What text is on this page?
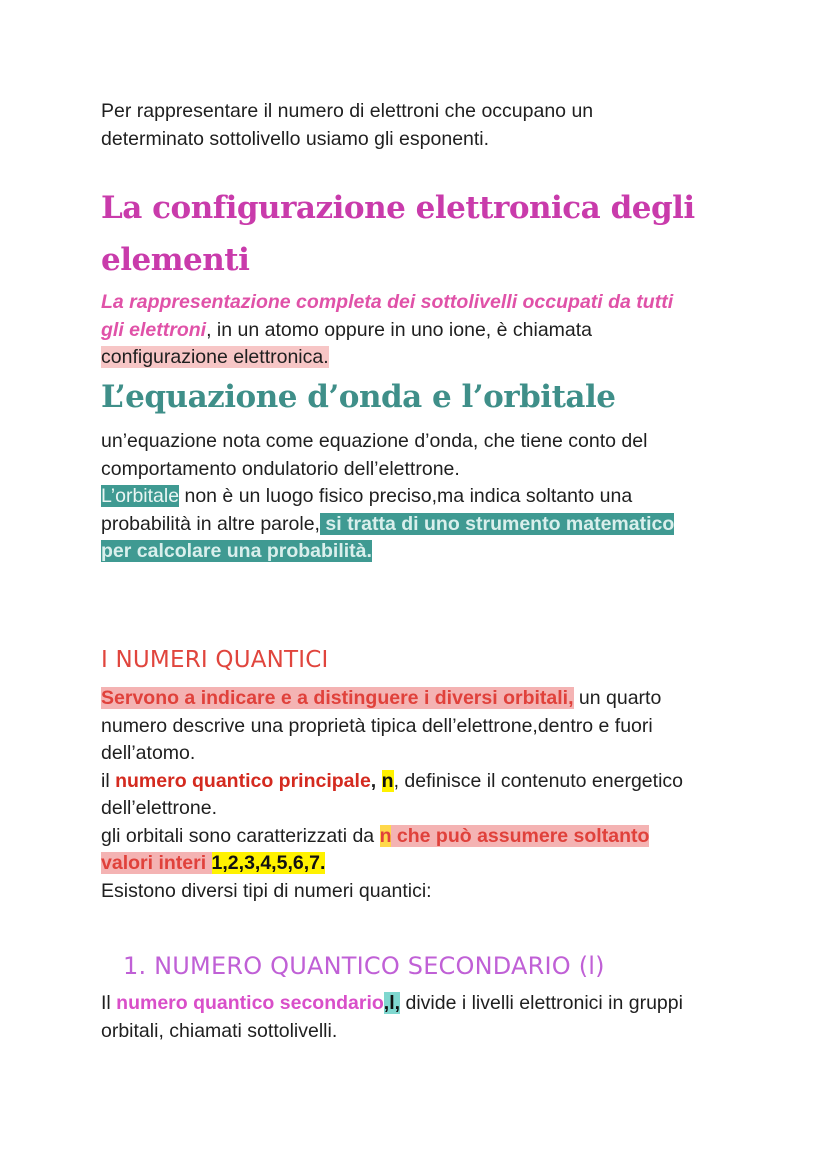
Per rappresentare il numero di elettroni che occupano un

determinato sottolivello usiamo gli esponenti.

La configurazione elettronica degli
elementi

La rappresentazione completa dei sottolivelli occupati da tutti

gli elettroni, in un atomo oppure in uno ione, è chiamata

configurazione elettronica.

L’equazione d’onda e l’orbitale

un’equazione nota come equazione d’onda, che tiene conto del

comportamento ondulatorio dell’elettrone.

L’orbitale non è un luogo fisico preciso,ma indica soltanto una

probabilità in altre parole, si tratta di uno strumento matematico

per calcolare una probabilità.

I NUMERI QUANTICI

Servono a indicare e a distinguere i diversi orbitali, un quarto

numero descrive una proprietà tipica dell’elettrone,dentro e fuori

dell’atomo.

il numero quantico principale, n, definisce il contenuto energetico

dell’elettrone.

gli orbitali sono caratterizzati da n che può assumere soltanto

valori interi 1,2,3,4,5,6,7.

Esistono diversi tipi di numeri quantici:

1. NUMERO QUANTICO SECONDARIO (l)

Il numero quantico secondario,l, divide i livelli elettronici in gruppi

orbitali, chiamati sottolivelli.
